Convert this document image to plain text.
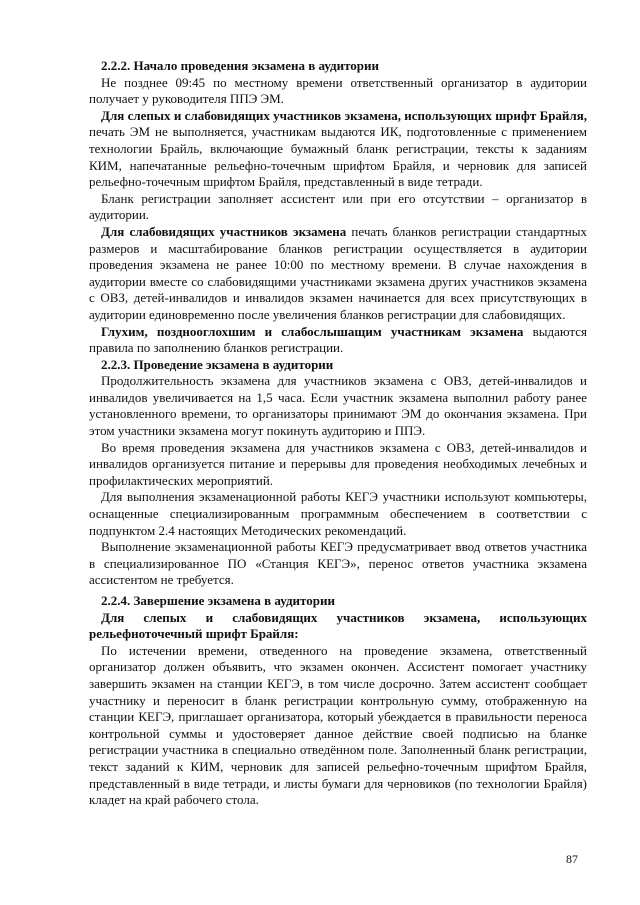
2.2.2. Начало проведения экзамена в аудитории

Не позднее 09:45 по местному времени ответственный организатор в аудитории получает у руководителя ППЭ ЭМ.

Для слепых и слабовидящих участников экзамена, использующих шрифт Брайля, печать ЭМ не выполняется, участникам выдаются ИК, подготовленные с применением технологии Брайль, включающие бумажный бланк регистрации, тексты к заданиям КИМ, напечатанные рельефно-точечным шрифтом Брайля, и черновик для записей рельефно-точечным шрифтом Брайля, представленный в виде тетради.

Бланк регистрации заполняет ассистент или при его отсутствии – организатор в аудитории.

Для слабовидящих участников экзамена печать бланков регистрации стандартных размеров и масштабирование бланков регистрации осуществляется в аудитории проведения экзамена не ранее 10:00 по местному времени. В случае нахождения в аудитории вместе со слабовидящими участниками экзамена других участников экзамена с ОВЗ, детей-инвалидов и инвалидов экзамен начинается для всех присутствующих в аудитории единовременно после увеличения бланков регистрации для слабовидящих.

Глухим, позднооглохшим и слабослышащим участникам экзамена выдаются правила по заполнению бланков регистрации.

2.2.3. Проведение экзамена в аудитории

Продолжительность экзамена для участников экзамена с ОВЗ, детей-инвалидов и инвалидов увеличивается на 1,5 часа. Если участник экзамена выполнил работу ранее установленного времени, то организаторы принимают ЭМ до окончания экзамена. При этом участники экзамена могут покинуть аудиторию и ППЭ.

Во время проведения экзамена для участников экзамена с ОВЗ, детей-инвалидов и инвалидов организуется питание и перерывы для проведения необходимых лечебных и профилактических мероприятий.

Для выполнения экзаменационной работы КЕГЭ участники используют компьютеры, оснащенные специализированным программным обеспечением в соответствии с подпунктом 2.4 настоящих Методических рекомендаций.

Выполнение экзаменационной работы КЕГЭ предусматривает ввод ответов участника в специализированное ПО «Станция КЕГЭ», перенос ответов участника экзамена ассистентом не требуется.

2.2.4. Завершение экзамена в аудитории

Для слепых и слабовидящих участников экзамена, использующих рельефноточечный шрифт Брайля:

По истечении времени, отведенного на проведение экзамена, ответственный организатор должен объявить, что экзамен окончен. Ассистент помогает участнику завершить экзамен на станции КЕГЭ, в том числе досрочно. Затем ассистент сообщает участнику и переносит в бланк регистрации контрольную сумму, отображенную на станции КЕГЭ, приглашает организатора, который убеждается в правильности переноса контрольной суммы и удостоверяет данное действие своей подписью на бланке регистрации участника в специально отведённом поле. Заполненный бланк регистрации, текст заданий к КИМ, черновик для записей рельефно-точечным шрифтом Брайля, представленный в виде тетради, и листы бумаги для черновиков (по технологии Брайля) кладет на край рабочего стола.

87
